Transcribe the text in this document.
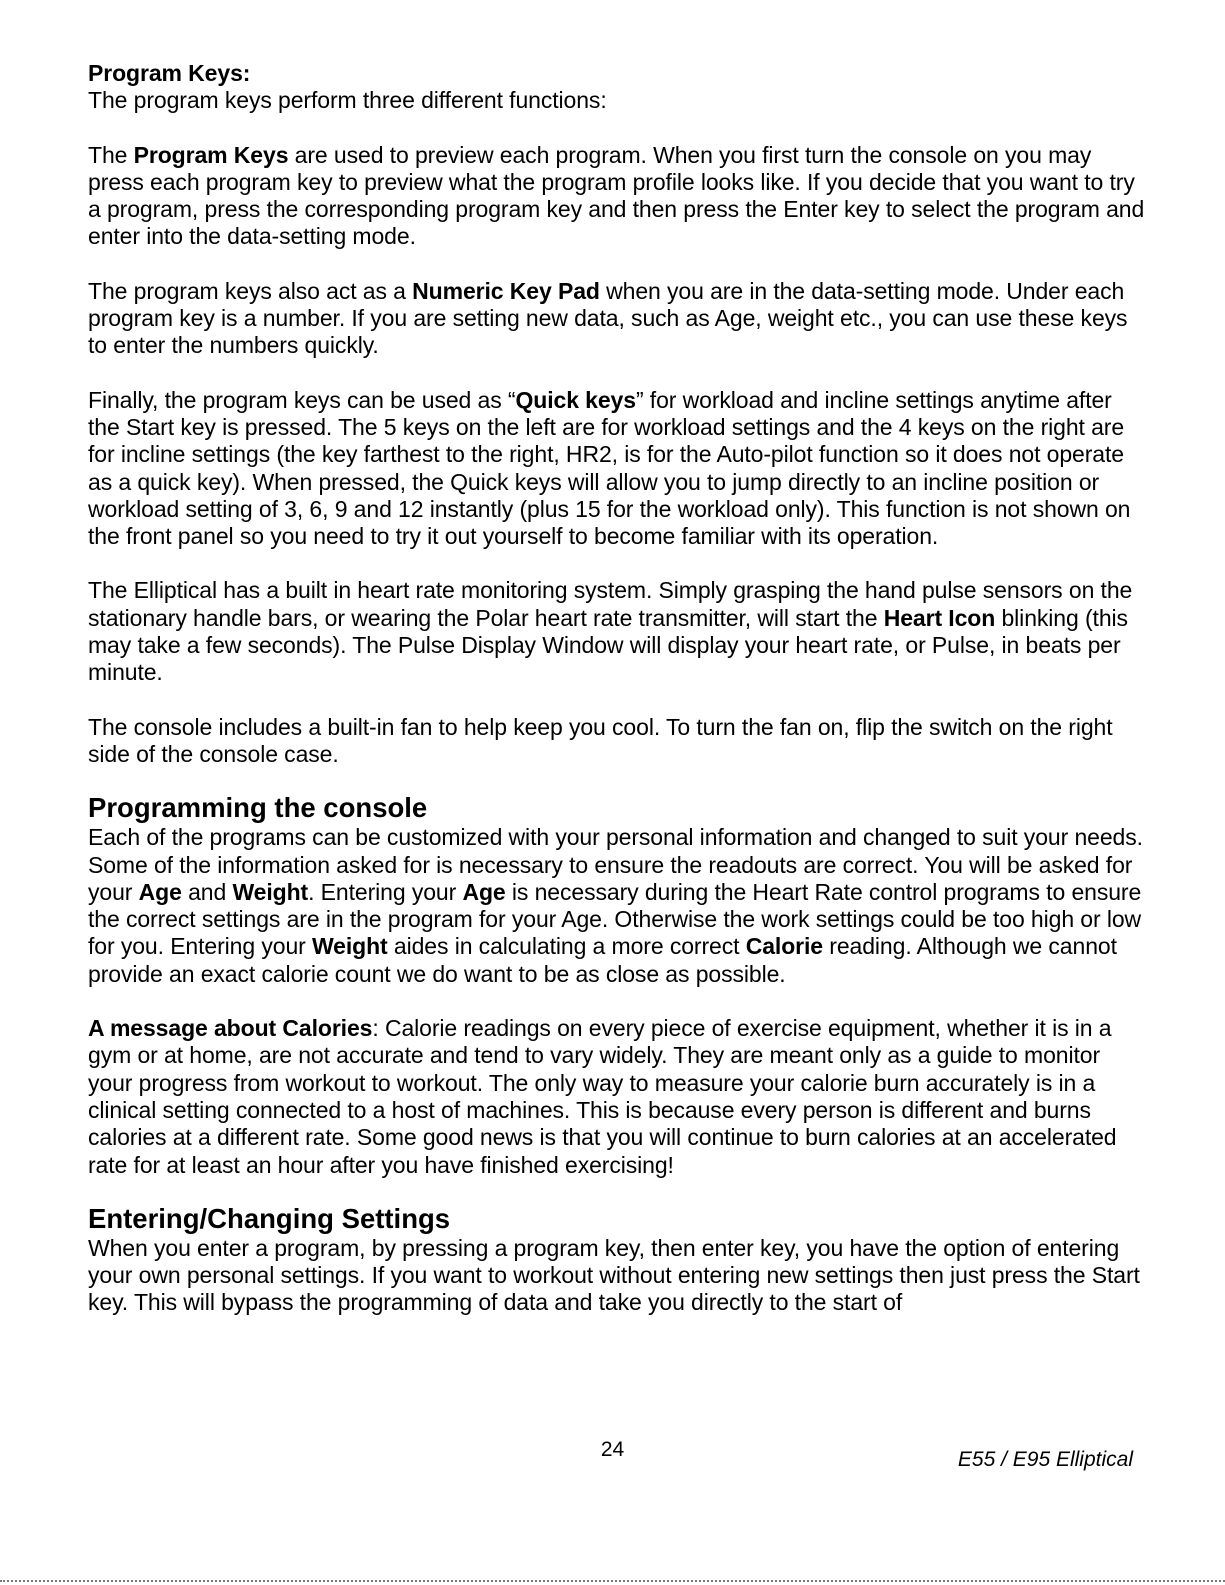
Program Keys:

The program keys perform three different functions:

The Program Keys are used to preview each program. When you first turn the console on you may press each program key to preview what the program profile looks like. If you decide that you want to try a program, press the corresponding program key and then press the Enter key to select the program and enter into the data-setting mode.

The program keys also act as a Numeric Key Pad when you are in the data-setting mode. Under each program key is a number. If you are setting new data, such as Age, weight etc., you can use these keys to enter the numbers quickly.

Finally, the program keys can be used as “Quick keys” for workload and incline settings anytime after the Start key is pressed. The 5 keys on the left are for workload settings and the 4 keys on the right are for incline settings (the key farthest to the right, HR2, is for the Auto-pilot function so it does not operate as a quick key). When pressed, the Quick keys will allow you to jump directly to an incline position or workload setting of 3, 6, 9 and 12 instantly (plus 15 for the workload only). This function is not shown on the front panel so you need to try it out yourself to become familiar with its operation.

The Elliptical has a built in heart rate monitoring system. Simply grasping the hand pulse sensors on the stationary handle bars, or wearing the Polar heart rate transmitter, will start the Heart Icon blinking (this may take a few seconds). The Pulse Display Window will display your heart rate, or Pulse, in beats per minute.

The console includes a built-in fan to help keep you cool. To turn the fan on, flip the switch on the right side of the console case.

Programming the console

Each of the programs can be customized with your personal information and changed to suit your needs. Some of the information asked for is necessary to ensure the readouts are correct. You will be asked for your Age and Weight. Entering your Age is necessary during the Heart Rate control programs to ensure the correct settings are in the program for your Age. Otherwise the work settings could be too high or low for you. Entering your Weight aides in calculating a more correct Calorie reading. Although we cannot provide an exact calorie count we do want to be as close as possible.

A message about Calories: Calorie readings on every piece of exercise equipment, whether it is in a gym or at home, are not accurate and tend to vary widely. They are meant only as a guide to monitor your progress from workout to workout. The only way to measure your calorie burn accurately is in a clinical setting connected to a host of machines. This is because every person is different and burns calories at a different rate. Some good news is that you will continue to burn calories at an accelerated rate for at least an hour after you have finished exercising!

Entering/Changing Settings

When you enter a program, by pressing a program key, then enter key, you have the option of entering your own personal settings. If you want to workout without entering new settings then just press the Start key. This will bypass the programming of data and take you directly to the start of

24	E55 / E95 Elliptical
